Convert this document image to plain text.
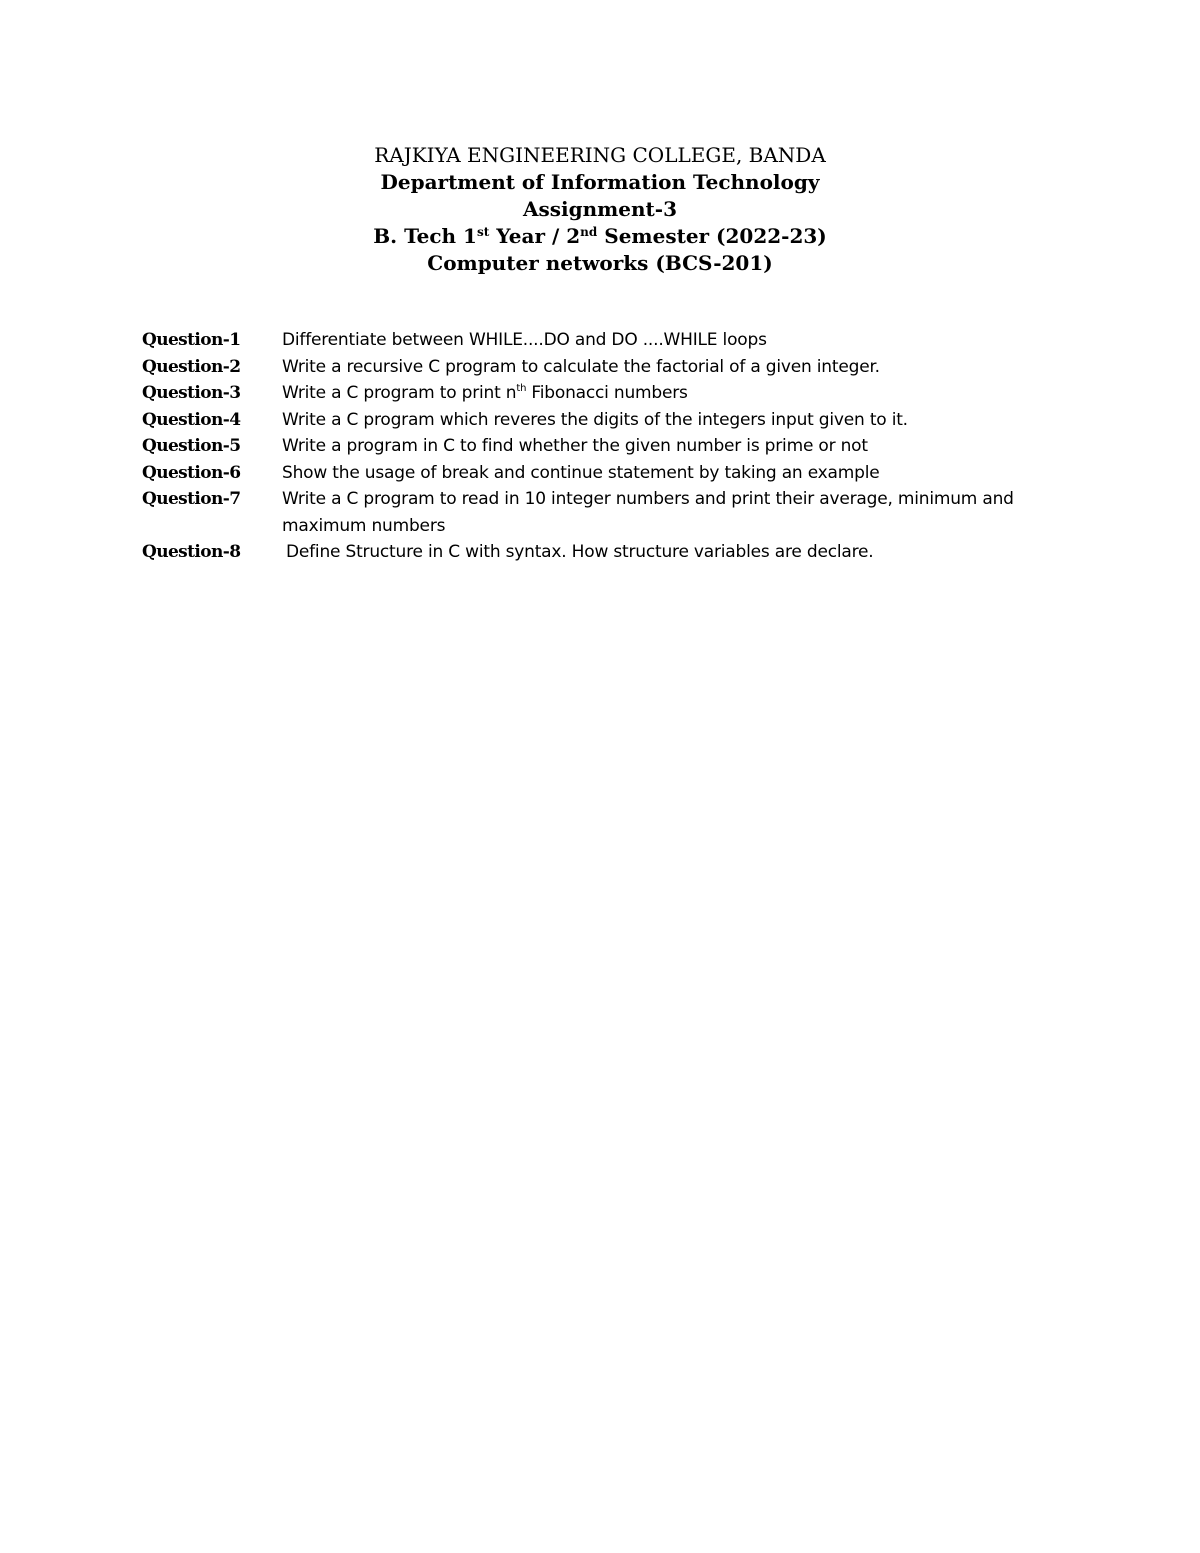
RAJKIYA ENGINEERING COLLEGE, BANDA
Department of Information Technology
Assignment-3
B. Tech 1st Year / 2nd Semester (2022-23)
Computer networks (BCS-201)
Question-1	Differentiate between WHILE....DO and DO ....WHILE loops
Question-2	Write a recursive C program to calculate the factorial of a given integer.
Question-3	Write a C program to print $n^{th}$ Fibonacci numbers
Question-4	Write a C program which reveres the digits of the integers input given to it.
Question-5	Write a program in C to find whether the given number is prime or not
Question-6	Show the usage of break and continue statement by taking an example
Question-7	Write a C program to read in 10 integer numbers and print their average, minimum and maximum numbers
Question-8	Define Structure in C with syntax. How structure variables are declare.
